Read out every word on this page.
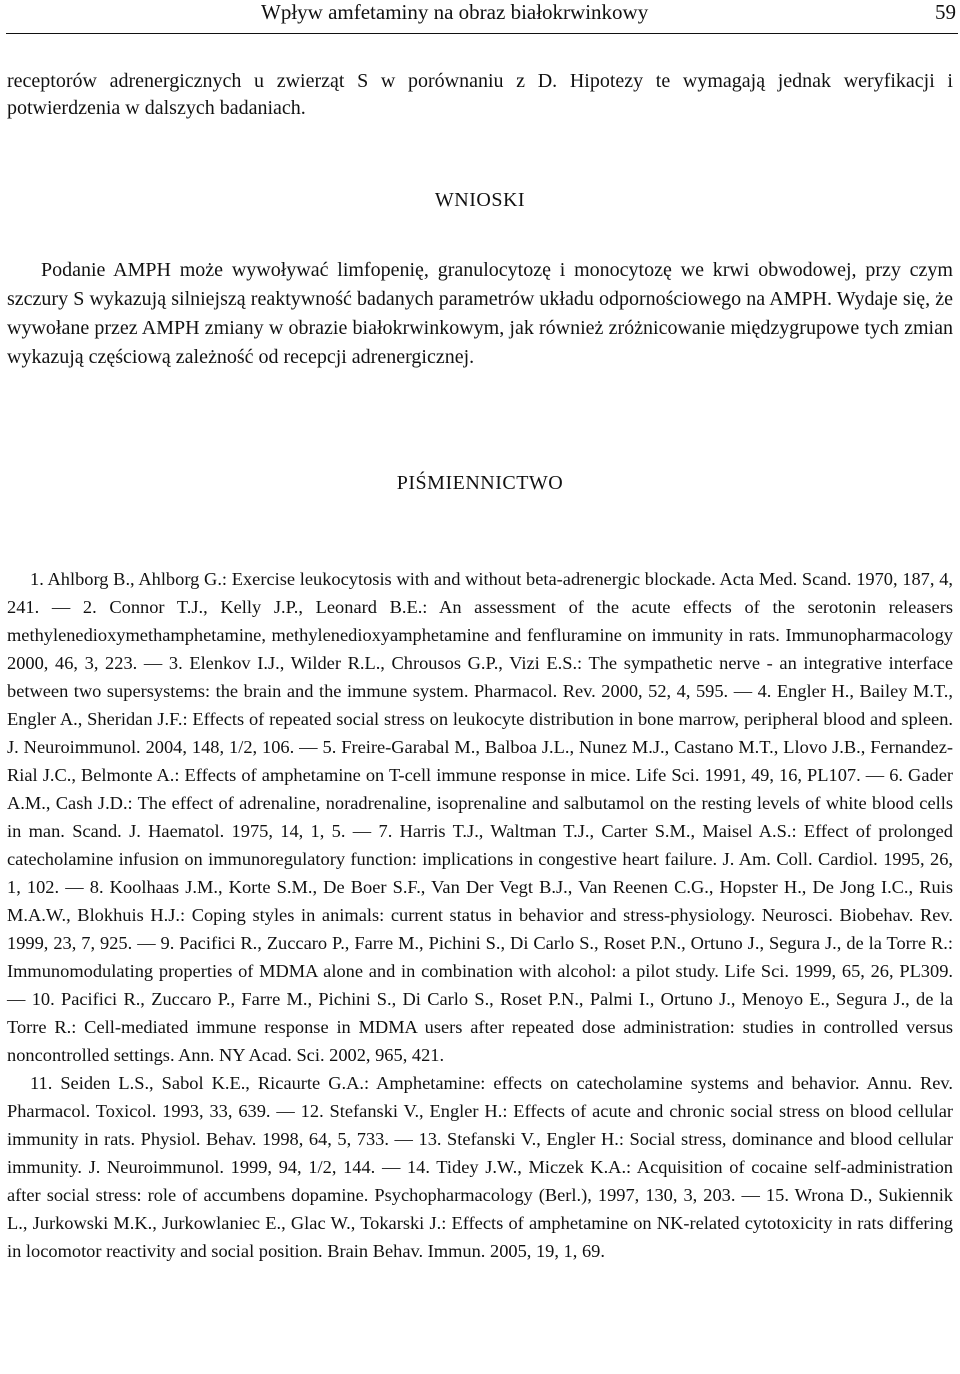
Wpływ amfetaminy na obraz białokrwinkowy	59

receptorów adrenergicznych u zwierząt S w porównaniu z D. Hipotezy te wymagają jednak weryfikacji i potwierdzenia w dalszych badaniach.

WNIOSKI

Podanie AMPH może wywoływać limfopenię, granulocytozę i monocytozę we krwi obwodowej, przy czym szczury S wykazują silniejszą reaktywność badanych parametrów układu odpornościowego na AMPH. Wydaje się, że wywołane przez AMPH zmiany w obrazie białokrwinkowym, jak również zróżnicowanie międzygrupowe tych zmian wykazują częściową zależność od recepcji adrenergicznej.

PIŚMIENNICTWO

1. Ahlborg B., Ahlborg G.: Exercise leukocytosis with and without beta-adrenergic blockade. Acta Med. Scand. 1970, 187, 4, 241. — 2. Connor T.J., Kelly J.P., Leonard B.E.: An assessment of the acute effects of the serotonin releasers methylenedioxymethamphetamine, methylenedioxyamphetamine and fenfluramine on immunity in rats. Immunopharmacology 2000, 46, 3, 223. — 3. Elenkov I.J., Wilder R.L., Chrousos G.P., Vizi E.S.: The sympathetic nerve - an integrative interface between two supersystems: the brain and the immune system. Pharmacol. Rev. 2000, 52, 4, 595. — 4. Engler H., Bailey M.T., Engler A., Sheridan J.F.: Effects of repeated social stress on leukocyte distribution in bone marrow, peripheral blood and spleen. J. Neuroimmunol. 2004, 148, 1/2, 106. — 5. Freire-Garabal M., Balboa J.L., Nunez M.J., Castano M.T., Llovo J.B., Fernandez-Rial J.C., Belmonte A.: Effects of amphetamine on T-cell immune response in mice. Life Sci. 1991, 49, 16, PL107. — 6. Gader A.M., Cash J.D.: The effect of adrenaline, noradrenaline, isoprenaline and salbutamol on the resting levels of white blood cells in man. Scand. J. Haematol. 1975, 14, 1, 5. — 7. Harris T.J., Waltman T.J., Carter S.M., Maisel A.S.: Effect of prolonged catecholamine infusion on immunoregulatory function: implications in congestive heart failure. J. Am. Coll. Cardiol. 1995, 26, 1, 102. — 8. Koolhaas J.M., Korte S.M., De Boer S.F., Van Der Vegt B.J., Van Reenen C.G., Hopster H., De Jong I.C., Ruis M.A.W., Blokhuis H.J.: Coping styles in animals: current status in behavior and stress-physiology. Neurosci. Biobehav. Rev. 1999, 23, 7, 925. — 9. Pacifici R., Zuccaro P., Farre M., Pichini S., Di Carlo S., Roset P.N., Ortuno J., Segura J., de la Torre R.: Immunomodulating properties of MDMA alone and in combination with alcohol: a pilot study. Life Sci. 1999, 65, 26, PL309. — 10. Pacifici R., Zuccaro P., Farre M., Pichini S., Di Carlo S., Roset P.N., Palmi I., Ortuno J., Menoyo E., Segura J., de la Torre R.: Cell-mediated immune response in MDMA users after repeated dose administration: studies in controlled versus noncontrolled settings. Ann. NY Acad. Sci. 2002, 965, 421.

11. Seiden L.S., Sabol K.E., Ricaurte G.A.: Amphetamine: effects on catecholamine systems and behavior. Annu. Rev. Pharmacol. Toxicol. 1993, 33, 639. — 12. Stefanski V., Engler H.: Effects of acute and chronic social stress on blood cellular immunity in rats. Physiol. Behav. 1998, 64, 5, 733. — 13. Stefanski V., Engler H.: Social stress, dominance and blood cellular immunity. J. Neuroimmunol. 1999, 94, 1/2, 144. — 14. Tidey J.W., Miczek K.A.: Acquisition of cocaine self-administration after social stress: role of accumbens dopamine. Psychopharmacology (Berl.), 1997, 130, 3, 203. — 15. Wrona D., Sukiennik L., Jurkowski M.K., Jurkowlaniec E., Glac W., Tokarski J.: Effects of amphetamine on NK-related cytotoxicity in rats differing in locomotor reactivity and social position. Brain Behav. Immun. 2005, 19, 1, 69.
